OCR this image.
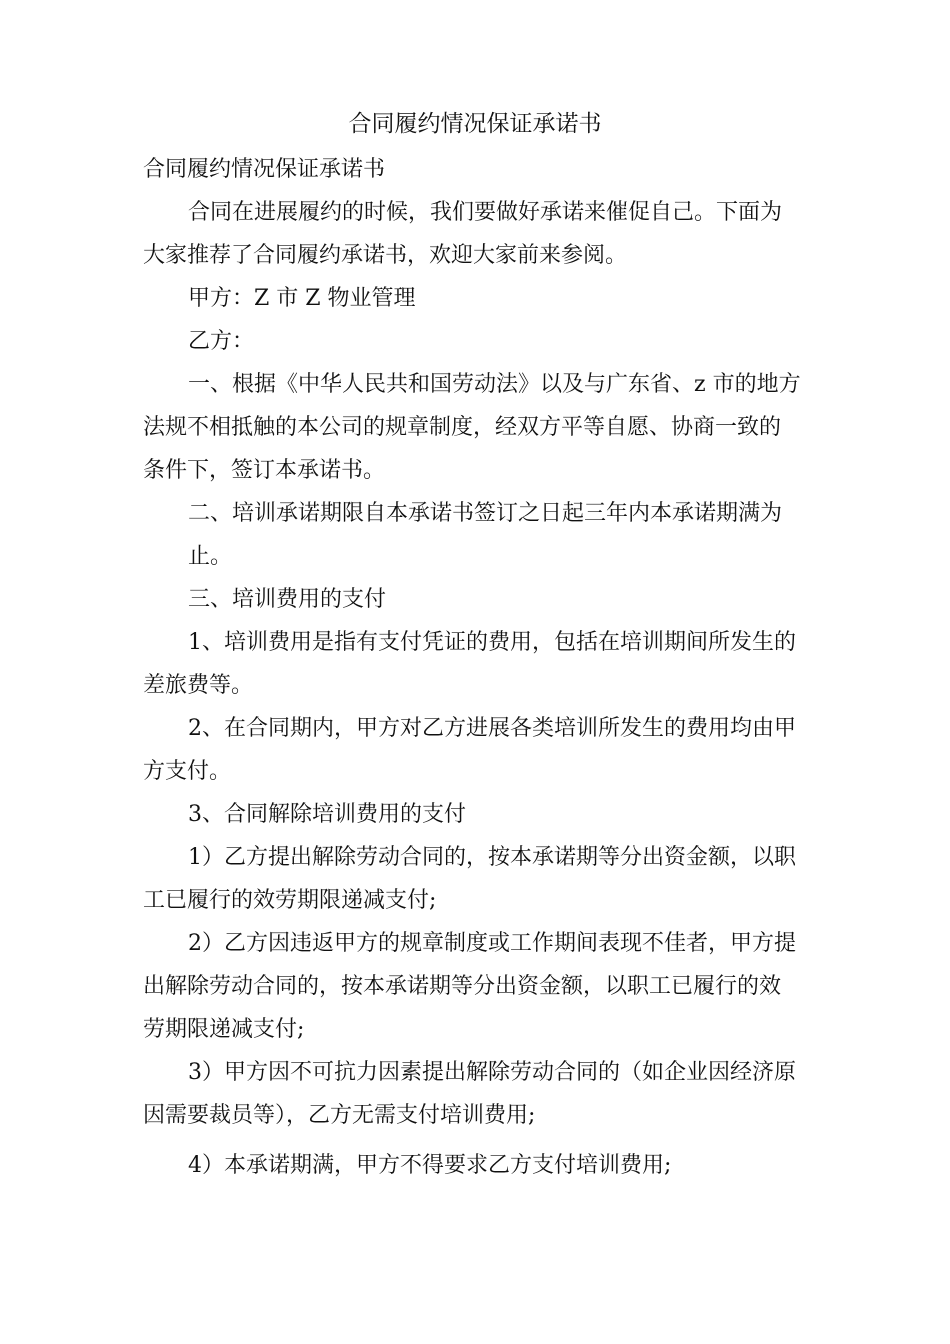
合同履约情况保证承诺书
合同履约情况保证承诺书
合同在进展履约的时候，我们要做好承诺来催促自己。下面为
大家推荐了合同履约承诺书，欢迎大家前来参阅。
甲方：Z 市 Z 物业管理
乙方：
一、根据《中华人民共和国劳动法》以及与广东省、z 市的地方
法规不相抵触的本公司的规章制度，经双方平等自愿、协商一致的
条件下，签订本承诺书。
二、培训承诺期限自本承诺书签订之日起三年内本承诺期满为
止。
三、培训费用的支付
1、培训费用是指有支付凭证的费用，包括在培训期间所发生的
差旅费等。
2、在合同期内，甲方对乙方进展各类培训所发生的费用均由甲
方支付。
3、合同解除培训费用的支付
1）乙方提出解除劳动合同的，按本承诺期等分出资金额，以职
工已履行的效劳期限递减支付;
2）乙方因违返甲方的规章制度或工作期间表现不佳者，甲方提
出解除劳动合同的，按本承诺期等分出资金额，以职工已履行的效
劳期限递减支付;
3）甲方因不可抗力因素提出解除劳动合同的（如企业因经济原
因需要裁员等），乙方无需支付培训费用;
4）本承诺期满，甲方不得要求乙方支付培训费用;
